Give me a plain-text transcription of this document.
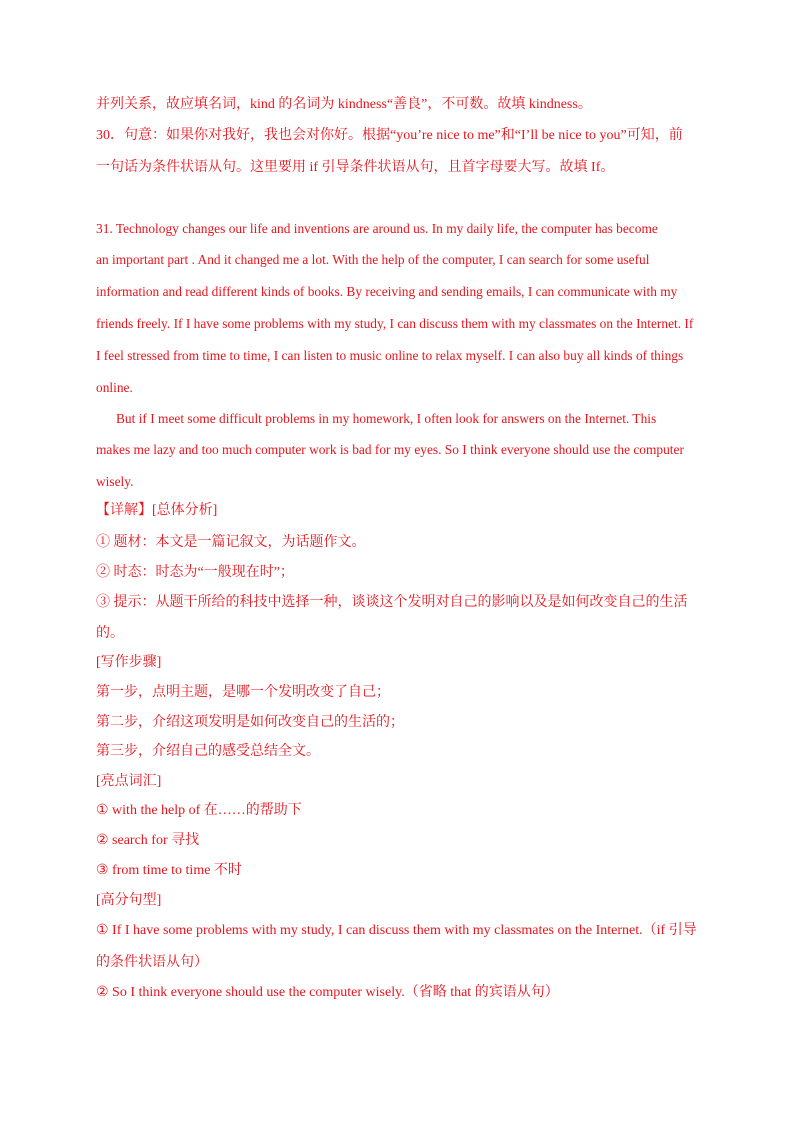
并列关系，故应填名词，kind 的名词为 kindness“善良”，不可数。故填 kindness。
30．句意：如果你对我好，我也会对你好。根据“you’re nice to me”和“I’ll be nice to you”可知，前
一句话为条件状语从句。这里要用 if 引导条件状语从句，且首字母要大写。故填 If。
31. Technology changes our life and inventions are around us. In my daily life, the computer has become
an important part . And it changed me a lot. With the help of the computer, I can search for some useful
information and read different kinds of books. By receiving and sending emails, I can communicate with my
friends freely. If I have some problems with my study, I can discuss them with my classmates on the Internet. If
I feel stressed from time to time, I can listen to music online to relax myself. I can also buy all kinds of things
online.
But if I meet some difficult problems in my homework, I often look for answers on the Internet. This
makes me lazy and too much computer work is bad for my eyes. So I think everyone should use the computer
wisely.
【详解】[总体分析]
① 题材：本文是一篇记叙文，为话题作文。
② 时态：时态为“一般现在时”；
③ 提示：从题干所给的科技中选择一种，谈谈这个发明对自己的影响以及是如何改变自己的生活
的。
[写作步骤]
第一步，点明主题，是哪一个发明改变了自己；
第二步，介绍这项发明是如何改变自己的生活的；
第三步，介绍自己的感受总结全文。
[亮点词汇]
① with the help of 在……的帮助下
② search for 寻找
③ from time to time 不时
[高分句型]
① If I have some problems with my study, I can discuss them with my classmates on the Internet.（if 引导
的条件状语从句）
② So I think everyone should use the computer wisely.（省略 that 的宾语从句）
